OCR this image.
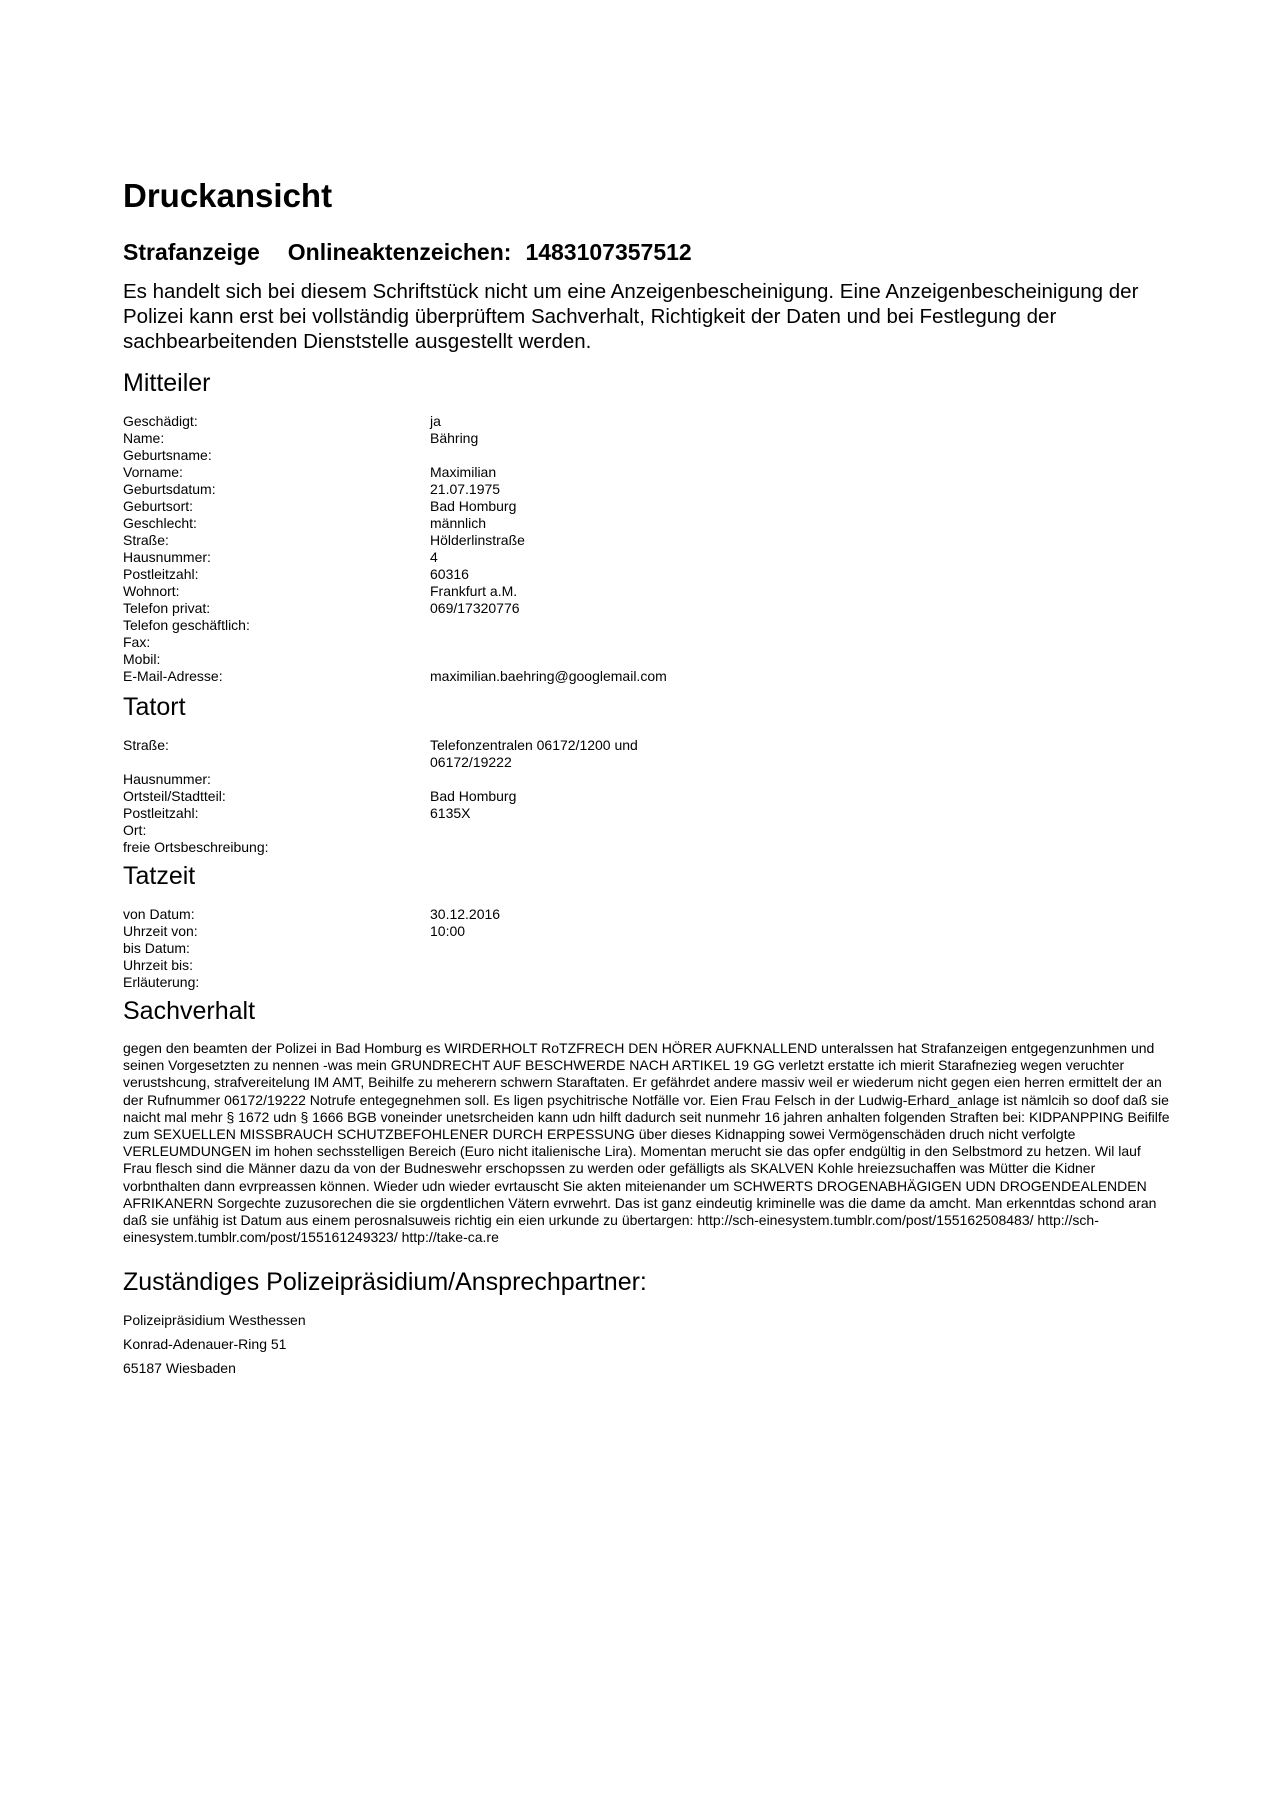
Druckansicht
Strafanzeige Onlineaktenzeichen: 1483107357512

Es handelt sich bei diesem Schriftstück nicht um eine Anzeigenbescheinigung. Eine Anzeigenbescheinigung der Polizei kann erst bei vollständig überprüftem Sachverhalt, Richtigkeit der Daten und bei Festlegung der sachbearbeitenden Dienststelle ausgestellt werden.

Mitteiler
Geschädigt:	ja
Name:	Bähring
Geburtsname:
Vorname:	Maximilian
Geburtsdatum:	21.07.1975
Geburtsort:	Bad Homburg
Geschlecht:	männlich
Straße:	Hölderlinstraße
Hausnummer:	4
Postleitzahl:	60316
Wohnort:	Frankfurt a.M.
Telefon privat:	069/17320776
Telefon geschäftlich:
Fax:
Mobil:
E-Mail-Adresse:	maximilian.baehring@googlemail.com
Tatort
Straße:	Telefonzentralen 06172/1200 und 06172/19222
Hausnummer:
Ortsteil/Stadtteil:	Bad Homburg
Postleitzahl:	6135X
Ort:
freie Ortsbeschreibung:
Tatzeit
von Datum:	30.12.2016
Uhrzeit von:	10:00
bis Datum:
Uhrzeit bis:
Erläuterung:
Sachverhalt

gegen den beamten der Polizei in Bad Homburg es WIRDERHOLT RoTZFRECH DEN HÖRER AUFKNALLEND unteralssen hat Strafanzeigen entgegenzunhmen und seinen Vorgesetzten zu nennen -was mein GRUNDRECHT AUF BESCHWERDE NACH ARTIKEL 19 GG verletzt erstatte ich mierit Starafnezieg wegen veruchter verustshcung, strafvereitelung IM AMT, Beihilfe zu meherern schwern Staraftaten. Er gefährdet andere massiv weil er wiederum nicht gegen eien herren ermittelt der an der Rufnummer 06172/19222 Notrufe entegegnehmen soll. Es ligen psychitrische Notfälle vor. Eien Frau Felsch in der Ludwig-Erhard_anlage ist nämlcih so doof daß sie naicht mal mehr § 1672 udn § 1666 BGB voneinder unetsrcheiden kann udn hilft dadurch seit nunmehr 16 jahren anhalten folgenden Straften bei: KIDPANPPING Beifilfe zum SEXUELLEN MISSBRAUCH SCHUTZBEFOHLENER DURCH ERPESSUNG über dieses Kidnapping sowei Vermögenschäden druch nicht verfolgte VERLEUMDUNGEN im hohen sechsstelligen Bereich (Euro nicht italienische Lira). Momentan merucht sie das opfer endgültig in den Selbstmord zu hetzen. Wil lauf Frau flesch sind die Männer dazu da von der Budneswehr erschopssen zu werden oder gefälligts als SKALVEN Kohle hreiezsuchaffen was Mütter die Kidner vorbnthalten dann evrpreassen können. Wieder udn wieder evrtauscht Sie akten miteienander um SCHWERTS DROGENABHÄGIGEN UDN DROGENDEALENDEN AFRIKANERN Sorgechte zuzusorechen die sie orgdentlichen Vätern evrwehrt. Das ist ganz eindeutig kriminelle was die dame da amcht. Man erkenntdas schond aran daß sie unfähig ist Datum aus einem perosnalsuweis richtig ein eien urkunde zu übertargen: http://sch-einesystem.tumblr.com/post/155162508483/ http://sch-einesystem.tumblr.com/post/155161249323/ http://take-ca.re

Zuständiges Polizeipräsidium/Ansprechpartner:

Polizeipräsidium Westhessen

Konrad-Adenauer-Ring 51

65187 Wiesbaden
